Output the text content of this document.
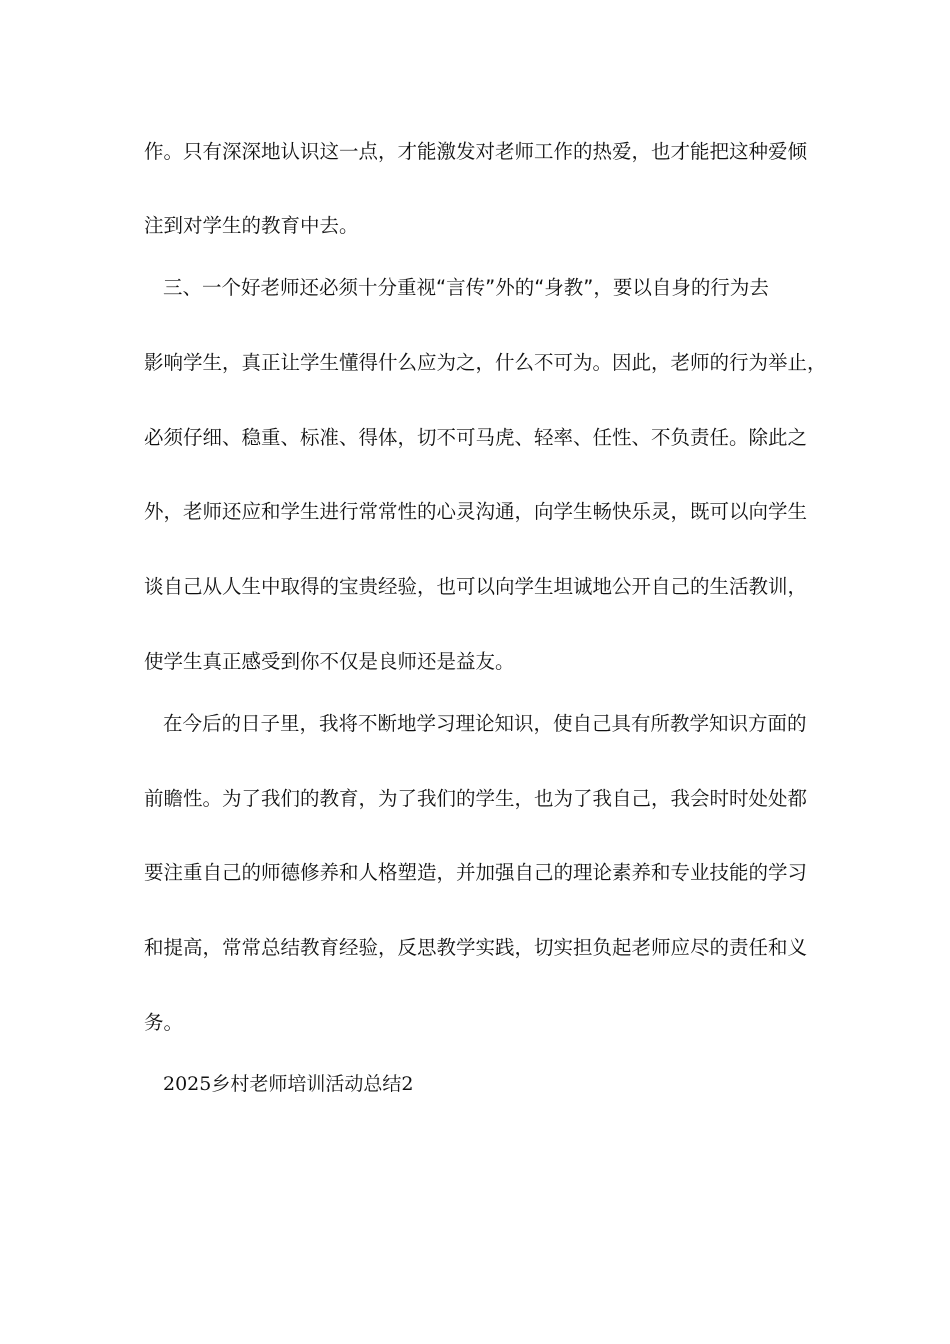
作。只有深深地认识这一点，才能激发对老师工作的热爱，也才能把这种爱倾
注到对学生的教育中去。
三、一个好老师还必须十分重视“言传”外的“身教”，要以自身的行为去
影响学生，真正让学生懂得什么应为之，什么不可为。因此，老师的行为举止，
必须仔细、稳重、标准、得体，切不可马虎、轻率、任性、不负责任。除此之
外，老师还应和学生进行常常性的心灵沟通，向学生畅快乐灵，既可以向学生
谈自己从人生中取得的宝贵经验，也可以向学生坦诚地公开自己的生活教训，
使学生真正感受到你不仅是良师还是益友。
在今后的日子里，我将不断地学习理论知识，使自己具有所教学知识方面的
前瞻性。为了我们的教育，为了我们的学生，也为了我自己，我会时时处处都
要注重自己的师德修养和人格塑造，并加强自己的理论素养和专业技能的学习
和提高，常常总结教育经验，反思教学实践，切实担负起老师应尽的责任和义
务。
2025乡村老师培训活动总结2
